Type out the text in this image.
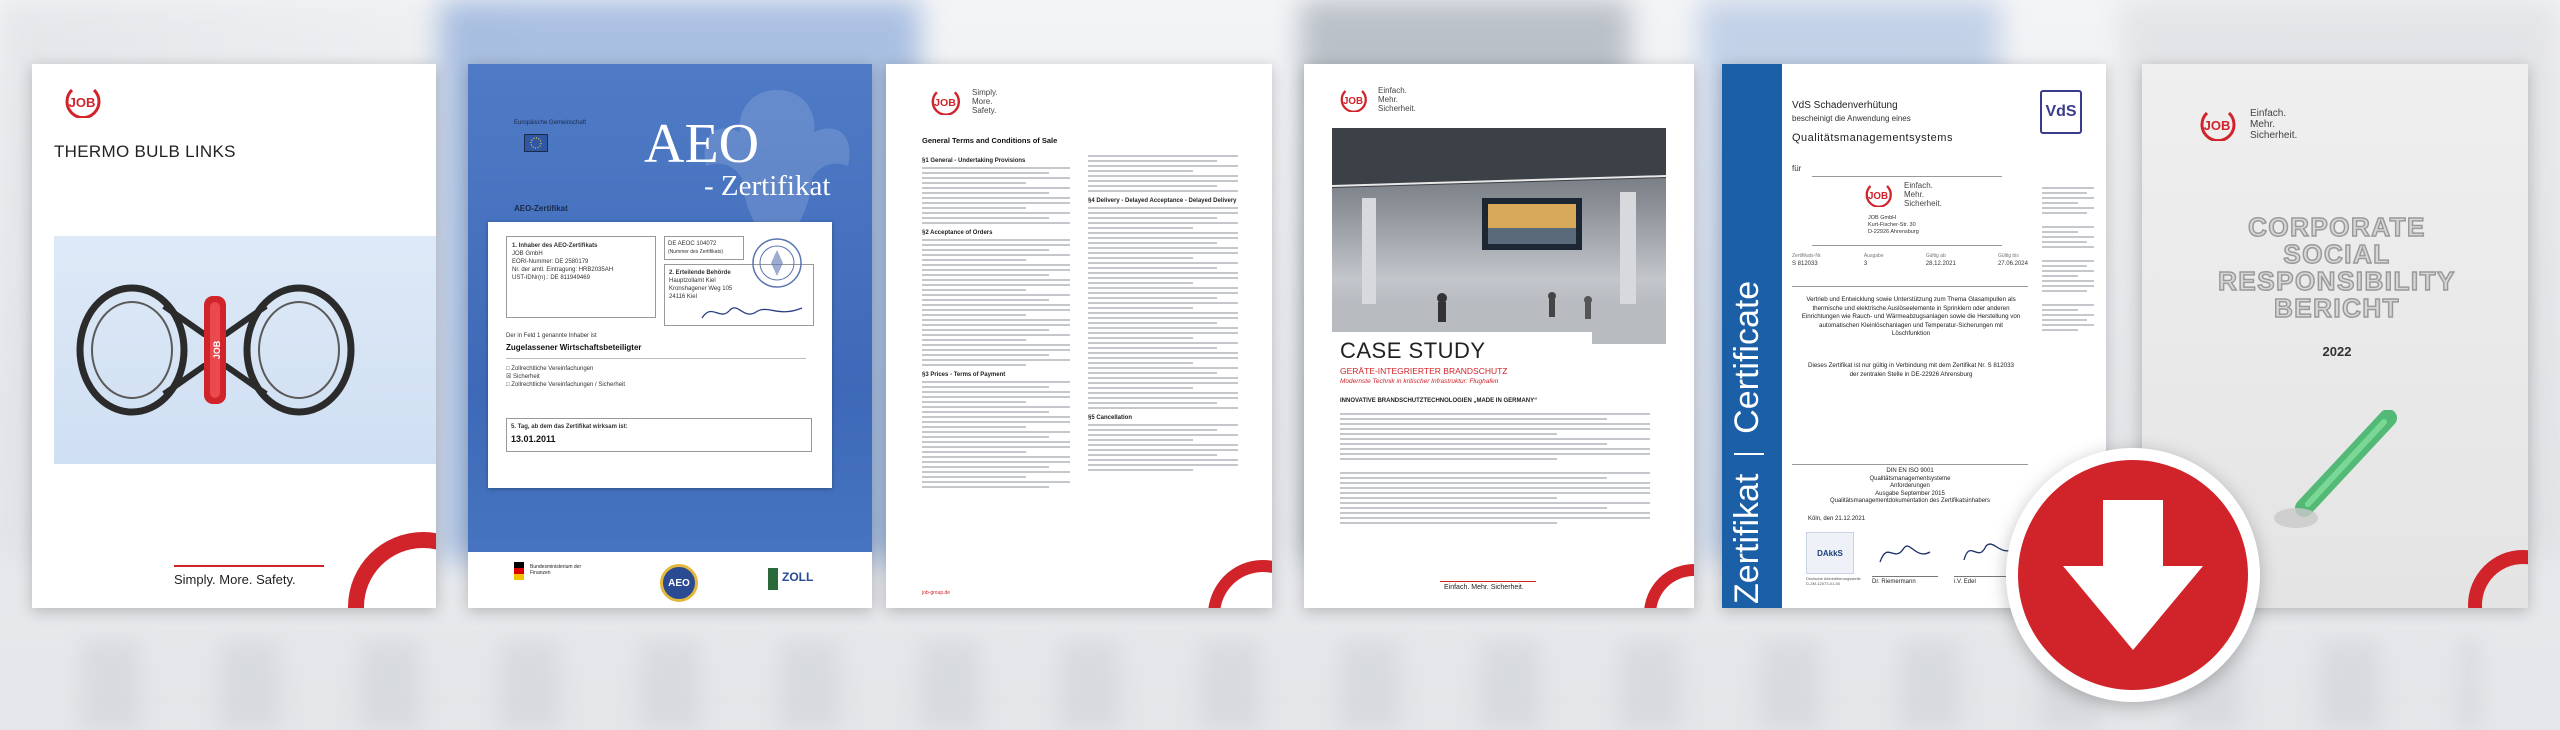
JOB
THERMO BULB LINKS
JOB
Simply. More. Safety.
Europäische Gemeinschaft AEO
- Zertifikat
AEO-Zertifikat
1. Inhaber des AEO-Zertifikats
JOB GmbH
EORI-Nummer: DE 2580179
Nr. der amtl. Eintragung: HRB2035AH
UST-IDNr(n).: DE 811949469
DE AEOC 104072
(Nummer des Zertifikats)
2. Erteilende Behörde
Hauptzollamt Kiel
Kronshagener Weg 105
24116 Kiel
Der in Feld 1 genannte Inhaber ist
Zugelassener Wirtschaftsbeteiligter
□ Zollrechtliche Vereinfachungen
☒ Sicherheit
□ Zollrechtliche Vereinfachungen / Sicherheit
5. Tag, ab dem das Zertifikat wirksam ist:
13.01.2011
Bundesministerium der Finanzen
AEO	ZOLL
JOB
Simply.
More.
Safety.
General Terms and Conditions of Sale
§1 General - Undertaking Provisions
§2 Acceptance of Orders
§3 Prices - Terms of Payment
§4 Delivery - Delayed Acceptance - Delayed Delivery
§5 Cancellation
job-group.de
JOB
Einfach.
Mehr.
Sicherheit.
CASE STUDY
GERÄTE-INTEGRIERTER BRANDSCHUTZ
Modernste Technik in kritischer Infrastruktur: Flughafen
INNOVATIVE BRANDSCHUTZTECHNOLOGIEN „MADE IN GERMANY“
Einfach. Mehr. Sicherheit.	Zertifikat    Certificate
VdS Schadenverhütung
bescheinigt die Anwendung eines
Qualitätsmanagementsystems
für
VdS
JOB
Einfach.
Mehr.
Sicherheit.
JOB GmbH
Kurt-Fischer-Str. 30
D-22926 Ahrensburg
Zertifikats-Nr.
S 812033
Ausgabe
3
Gültig ab
28.12.2021
Gültig bis
27.06.2024
Vertrieb und Entwicklung sowie Unterstützung zum Thema Glasampullen als thermische und elektrische Auslöseelemente in Sprinklern oder anderen Einrichtungen wie Rauch- und Wärmeabzugsanlagen sowie die Herstellung von automatischen Kleinlöschanlagen und Temperatur-Sicherungen mit Löschfunktion
Dieses Zertifikat ist nur gültig in Verbindung mit dem Zertifikat Nr. S 812033 der zentralen Stelle in DE-22926 Ahrensburg
DIN EN ISO 9001
Qualitätsmanagementsysteme
Anforderungen
Ausgabe September 2015
Qualitätsmanagementdokumentation des Zertifikatsinhabers
Köln, den 21.12.2021
DAkkS
Deutsche Akkreditierungsstelle D-ZM-12073-01-00	Dr. Riemermann	i.V. Edel
JOB
Einfach.
Mehr.
Sicherheit.
CORPORATE
SOCIAL
RESPONSIBILITY
BERICHT
2022
